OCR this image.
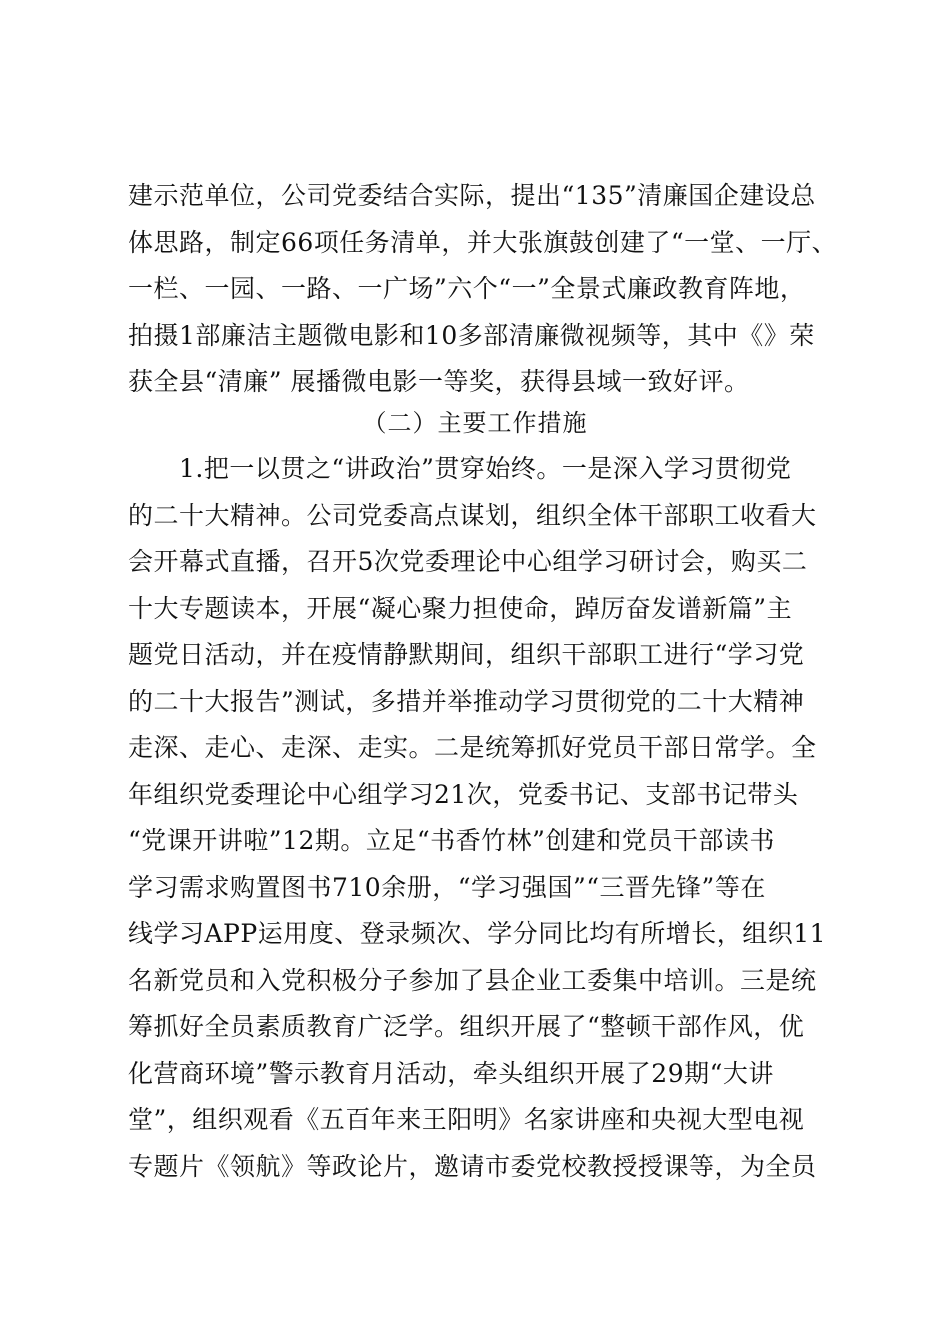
建示范单位，公司党委结合实际，提出“135”清廉国企建设总
体思路，制定66项任务清单，并大张旗鼓创建了“一堂、一厅、
一栏、一园、一路、一广场”六个“一”全景式廉政教育阵地，
拍摄1部廉洁主题微电影和10多部清廉微视频等，其中《》荣
获全县“清廉” 展播微电影一等奖，获得县域一致好评。
（二）主要工作措施
　　1.把一以贯之“讲政治”贯穿始终。一是深入学习贯彻党
的二十大精神。公司党委高点谋划，组织全体干部职工收看大
会开幕式直播，召开5次党委理论中心组学习研讨会，购买二
十大专题读本，开展“凝心聚力担使命，踔厉奋发谱新篇”主
题党日活动，并在疫情静默期间，组织干部职工进行“学习党
的二十大报告”测试，多措并举推动学习贯彻党的二十大精神
走深、走心、走深、走实。二是统筹抓好党员干部日常学。全
年组织党委理论中心组学习21次，党委书记、支部书记带头
“党课开讲啦”12期。立足“书香竹林”创建和党员干部读书
学习需求购置图书710余册，“学习强国”“三晋先锋”等在
线学习APP运用度、登录频次、学分同比均有所增长，组织11
名新党员和入党积极分子参加了县企业工委集中培训。三是统
筹抓好全员素质教育广泛学。组织开展了“整顿干部作风，优
化营商环境”警示教育月活动，牵头组织开展了29期“大讲
堂”，组织观看《五百年来王阳明》名家讲座和央视大型电视
专题片《领航》等政论片，邀请市委党校教授授课等，为全员
